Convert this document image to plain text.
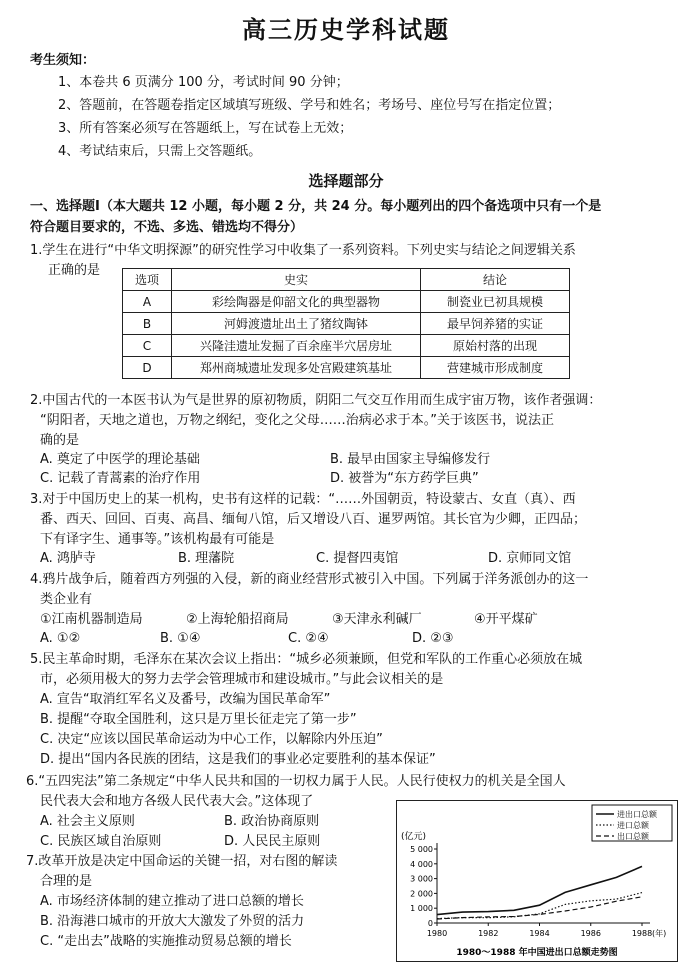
高三历史学科试题
考生须知：
1、本卷共 6 页满分 100 分，考试时间 90 分钟；
2、答题前，在答题卷指定区域填写班级、学号和姓名；考场号、座位号写在指定位置；
3、所有答案必须写在答题纸上，写在试卷上无效；
4、考试结束后，只需上交答题纸。
选择题部分
一、选择题Ⅰ（本大题共 12 小题，每小题 2 分，共 24 分。每小题列出的四个备选项中只有一个是
符合题目要求的，不选、多选、错选均不得分）
1.学生在进行“中华文明探源”的研究性学习中收集了一系列资料。下列史实与结论之间逻辑关系
正确的是
选项	史实	结论
A	彩绘陶器是仰韶文化的典型器物	制瓷业已初具规模
B	河姆渡遗址出土了猪纹陶钵	最早饲养猪的实证
C	兴隆洼遗址发掘了百余座半穴居房址	原始村落的出现
D	郑州商城遗址发现多处宫殿建筑基址	营建城市形成制度
2.中国古代的一本医书认为气是世界的原初物质，阴阳二气交互作用而生成宇宙万物，该作者强调：
“阴阳者，天地之道也，万物之纲纪，变化之父母……治病必求于本。”关于该医书，说法正
确的是
A. 奠定了中医学的理论基础	B. 最早由国家主导编修发行
C. 记载了青蒿素的治疗作用	D. 被誉为“东方药学巨典”
3.对于中国历史上的某一机构，史书有这样的记载：“……外国朝贡，特设蒙古、女直（真）、西
番、西天、回回、百夷、高昌、缅甸八馆，后又增设八百、暹罗两馆。其长官为少卿，正四品；
下有译字生、通事等。”该机构最有可能是
A. 鸿胪寺	B. 理藩院	C. 提督四夷馆	D. 京师同文馆
4.鸦片战争后，随着西方列强的入侵，新的商业经营形式被引入中国。下列属于洋务派创办的这一
类企业有
①江南机器制造局	②上海轮船招商局	③天津永利碱厂	④开平煤矿
A. ①②	B. ①④	C. ②④	D. ②③
5.民主革命时期，毛泽东在某次会议上指出：“城乡必须兼顾，但党和军队的工作重心必须放在城
市，必须用极大的努力去学会管理城市和建设城市。”与此会议相关的是
A. 宣告“取消红军名义及番号，改编为国民革命军”
B. 提醒“夺取全国胜利，这只是万里长征走完了第一步”
C. 决定“应该以国民革命运动为中心工作，以解除内外压迫”
D. 提出“国内各民族的团结，这是我们的事业必定要胜利的基本保证”
6.“五四宪法”第二条规定“中华人民共和国的一切权力属于人民。人民行使权力的机关是全国人
民代表大会和地方各级人民代表大会。”这体现了
A. 社会主义原则	B. 政治协商原则
C. 民族区域自治原则	D. 人民民主原则
7.改革开放是决定中国命运的关键一招，对右图的解读
合理的是
A. 市场经济体制的建立推动了进口总额的增长
B. 沿海港口城市的开放大大激发了外贸的活力
C. “走出去”战略的实施推动贸易总额的增长
(亿元)
5 000
4 000
3 000
2 000
1 000
0
1980	1982	1984	1986	1988 (年)
进出口总额
进口总额
出口总额
1980～1988 年中国进出口总额走势图
